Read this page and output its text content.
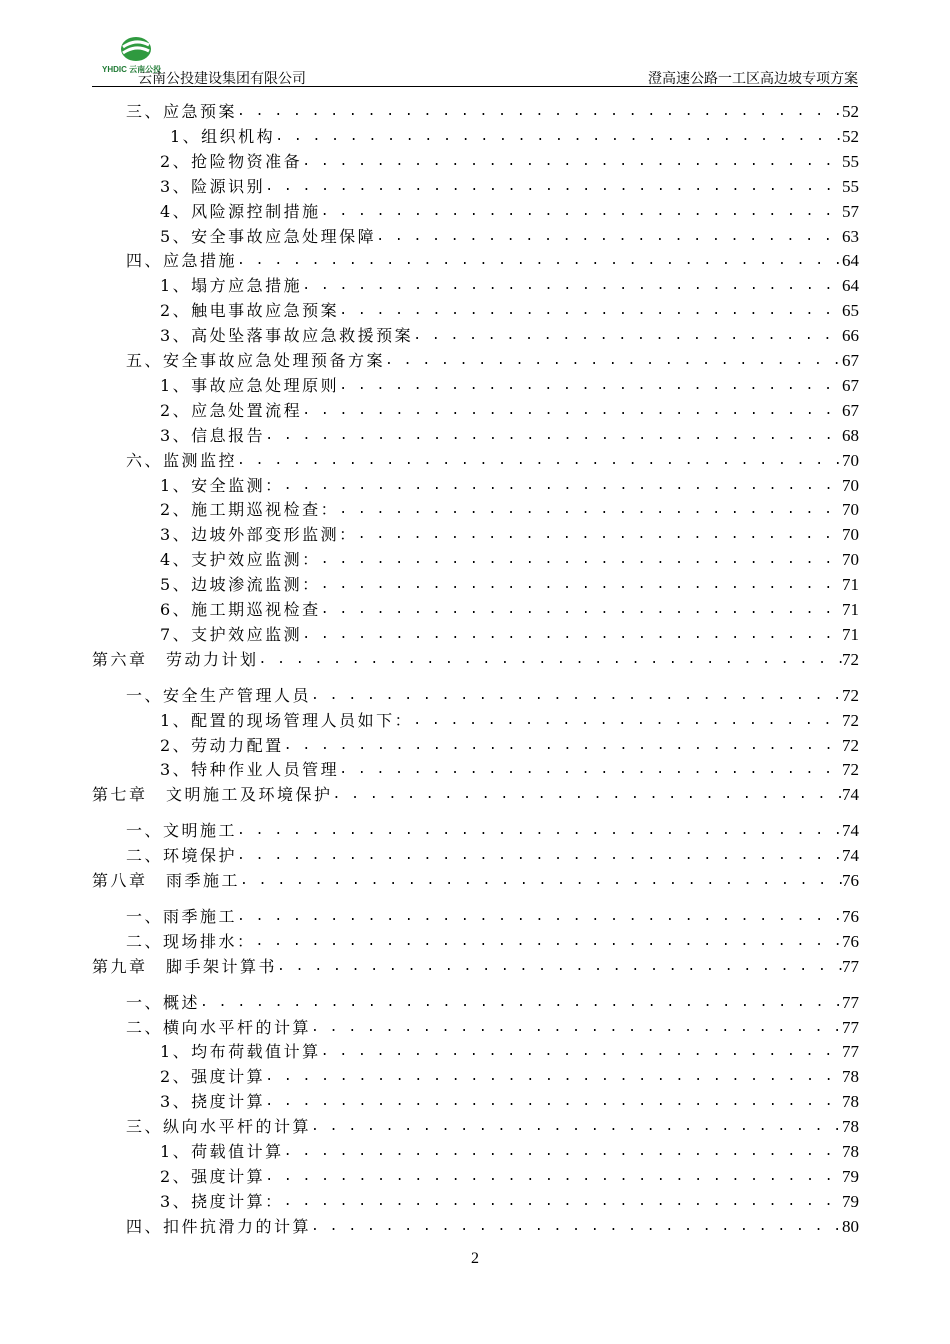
YHDIC 云南公投
云南公投建设集团有限公司	澄高速公路一工区高边坡专项方案
三、应急预案 . . .	52
1、组织机构 . . .	52
2、抢险物资准备 . . .	55
3、险源识别 . . .	55
4、风险源控制措施 . . .	57
5、安全事故应急处理保障 . . .	63
四、应急措施 . . .	64
1、塌方应急措施 . . .	64
2、触电事故应急预案 . . .	65
3、高处坠落事故应急救援预案 . . .	66
五、安全事故应急处理预备方案 . . .	67
1、事故应急处理原则 . . .	67
2、应急处置流程 . . .	67
3、信息报告 . . .	68
六、监测监控 . . .	70
1、安全监测： . . .	70
2、施工期巡视检查： . . .	70
3、边坡外部变形监测： . . .	70
4、支护效应监测： . . .	70
5、边坡渗流监测： . . .	71
6、施工期巡视检查 . . .	71
7、支护效应监测 . . .	71
第六章　劳动力计划 . . .	72
一、安全生产管理人员 . . .	72
1、配置的现场管理人员如下： . . .	72
2、劳动力配置 . . .	72
3、特种作业人员管理 . . .	72
第七章　文明施工及环境保护 . . .	74
一、文明施工 . . .	74
二、环境保护 . . .	74
第八章　雨季施工 . . .	76
一、雨季施工 . . .	76
二、现场排水： . . .	76
第九章　脚手架计算书 . . .	77
一、概述 . . .	77
二、横向水平杆的计算 . . .	77
1、均布荷载值计算 . . .	77
2、强度计算 . . .	78
3、挠度计算 . . .	78
三、纵向水平杆的计算 . . .	78
1、荷载值计算 . . .	78
2、强度计算 . . .	79
3、挠度计算： . . .	79
四、扣件抗滑力的计算 . . .	80
2
